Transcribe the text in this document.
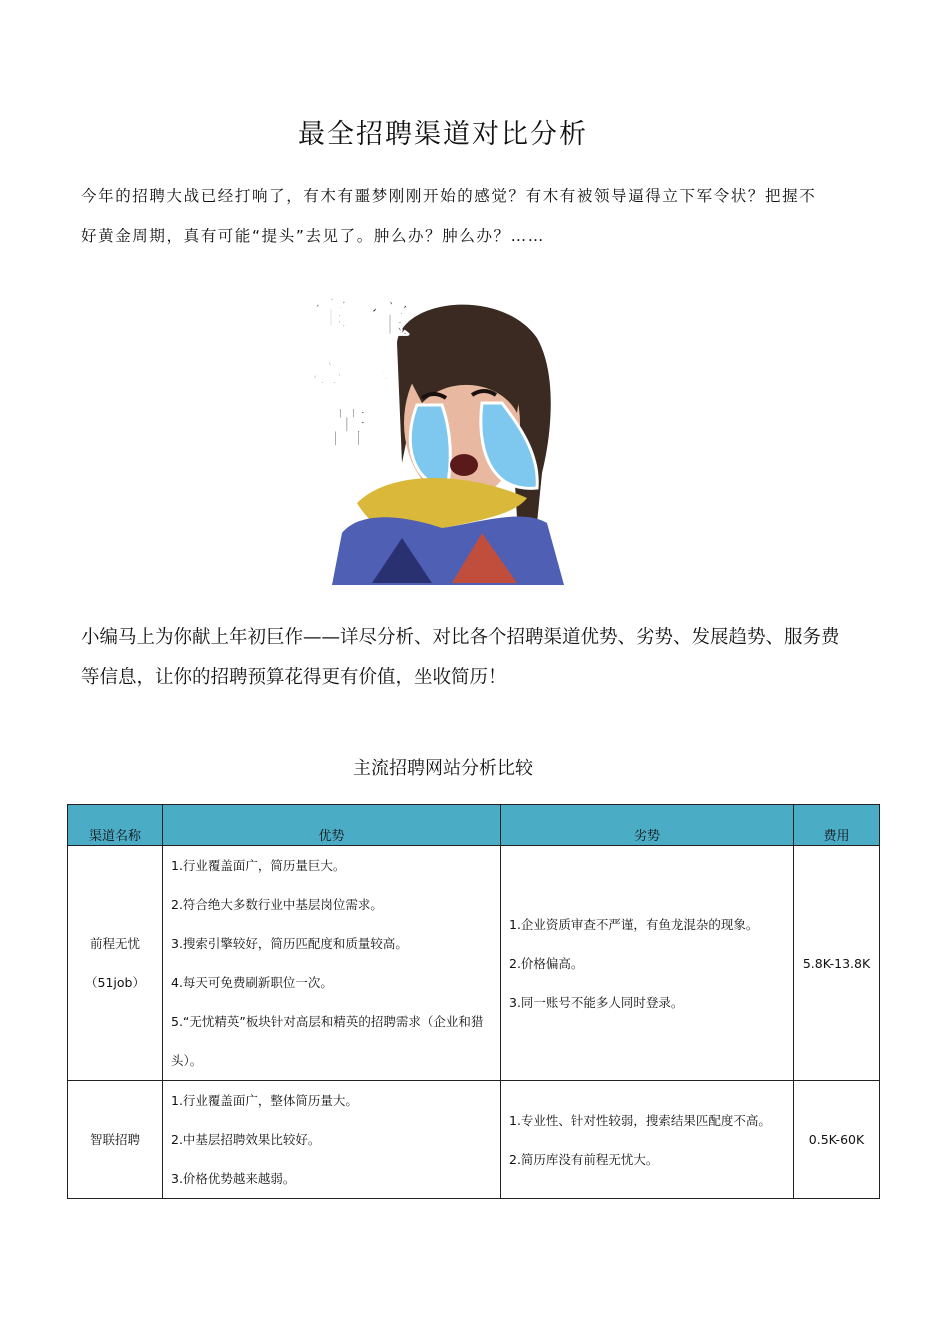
最全招聘渠道对比分析

今年的招聘大战已经打响了，有木有噩梦刚刚开始的感觉？有木有被领导逼得立下军令状？把握不好黄金周期，真有可能“提头”去见了。肿么办？肿么办？……

宝 宝
心 里
苦

小编马上为你献上年初巨作——详尽分析、对比各个招聘渠道优势、劣势、发展趋势、服务费等信息，让你的招聘预算花得更有价值，坐收简历！

主流招聘网站分析比较

渠道名称	优势	劣势	费用
前程无忧（51job）	1.行业覆盖面广，简历量巨大。
2.符合绝大多数行业中基层岗位需求。
3.搜索引擎较好，简历匹配度和质量较高。
4.每天可免费刷新职位一次。
5.“无忧精英”板块针对高层和精英的招聘需求（企业和猎头）。	1.企业资质审查不严谨，有鱼龙混杂的现象。
2.价格偏高。
3.同一账号不能多人同时登录。	5.8K-13.8K
智联招聘	1.行业覆盖面广，整体简历量大。
2.中基层招聘效果比较好。
3.价格优势越来越弱。	1.专业性、针对性较弱，搜索结果匹配度不高。
2.简历库没有前程无忧大。	0.5K-60K
